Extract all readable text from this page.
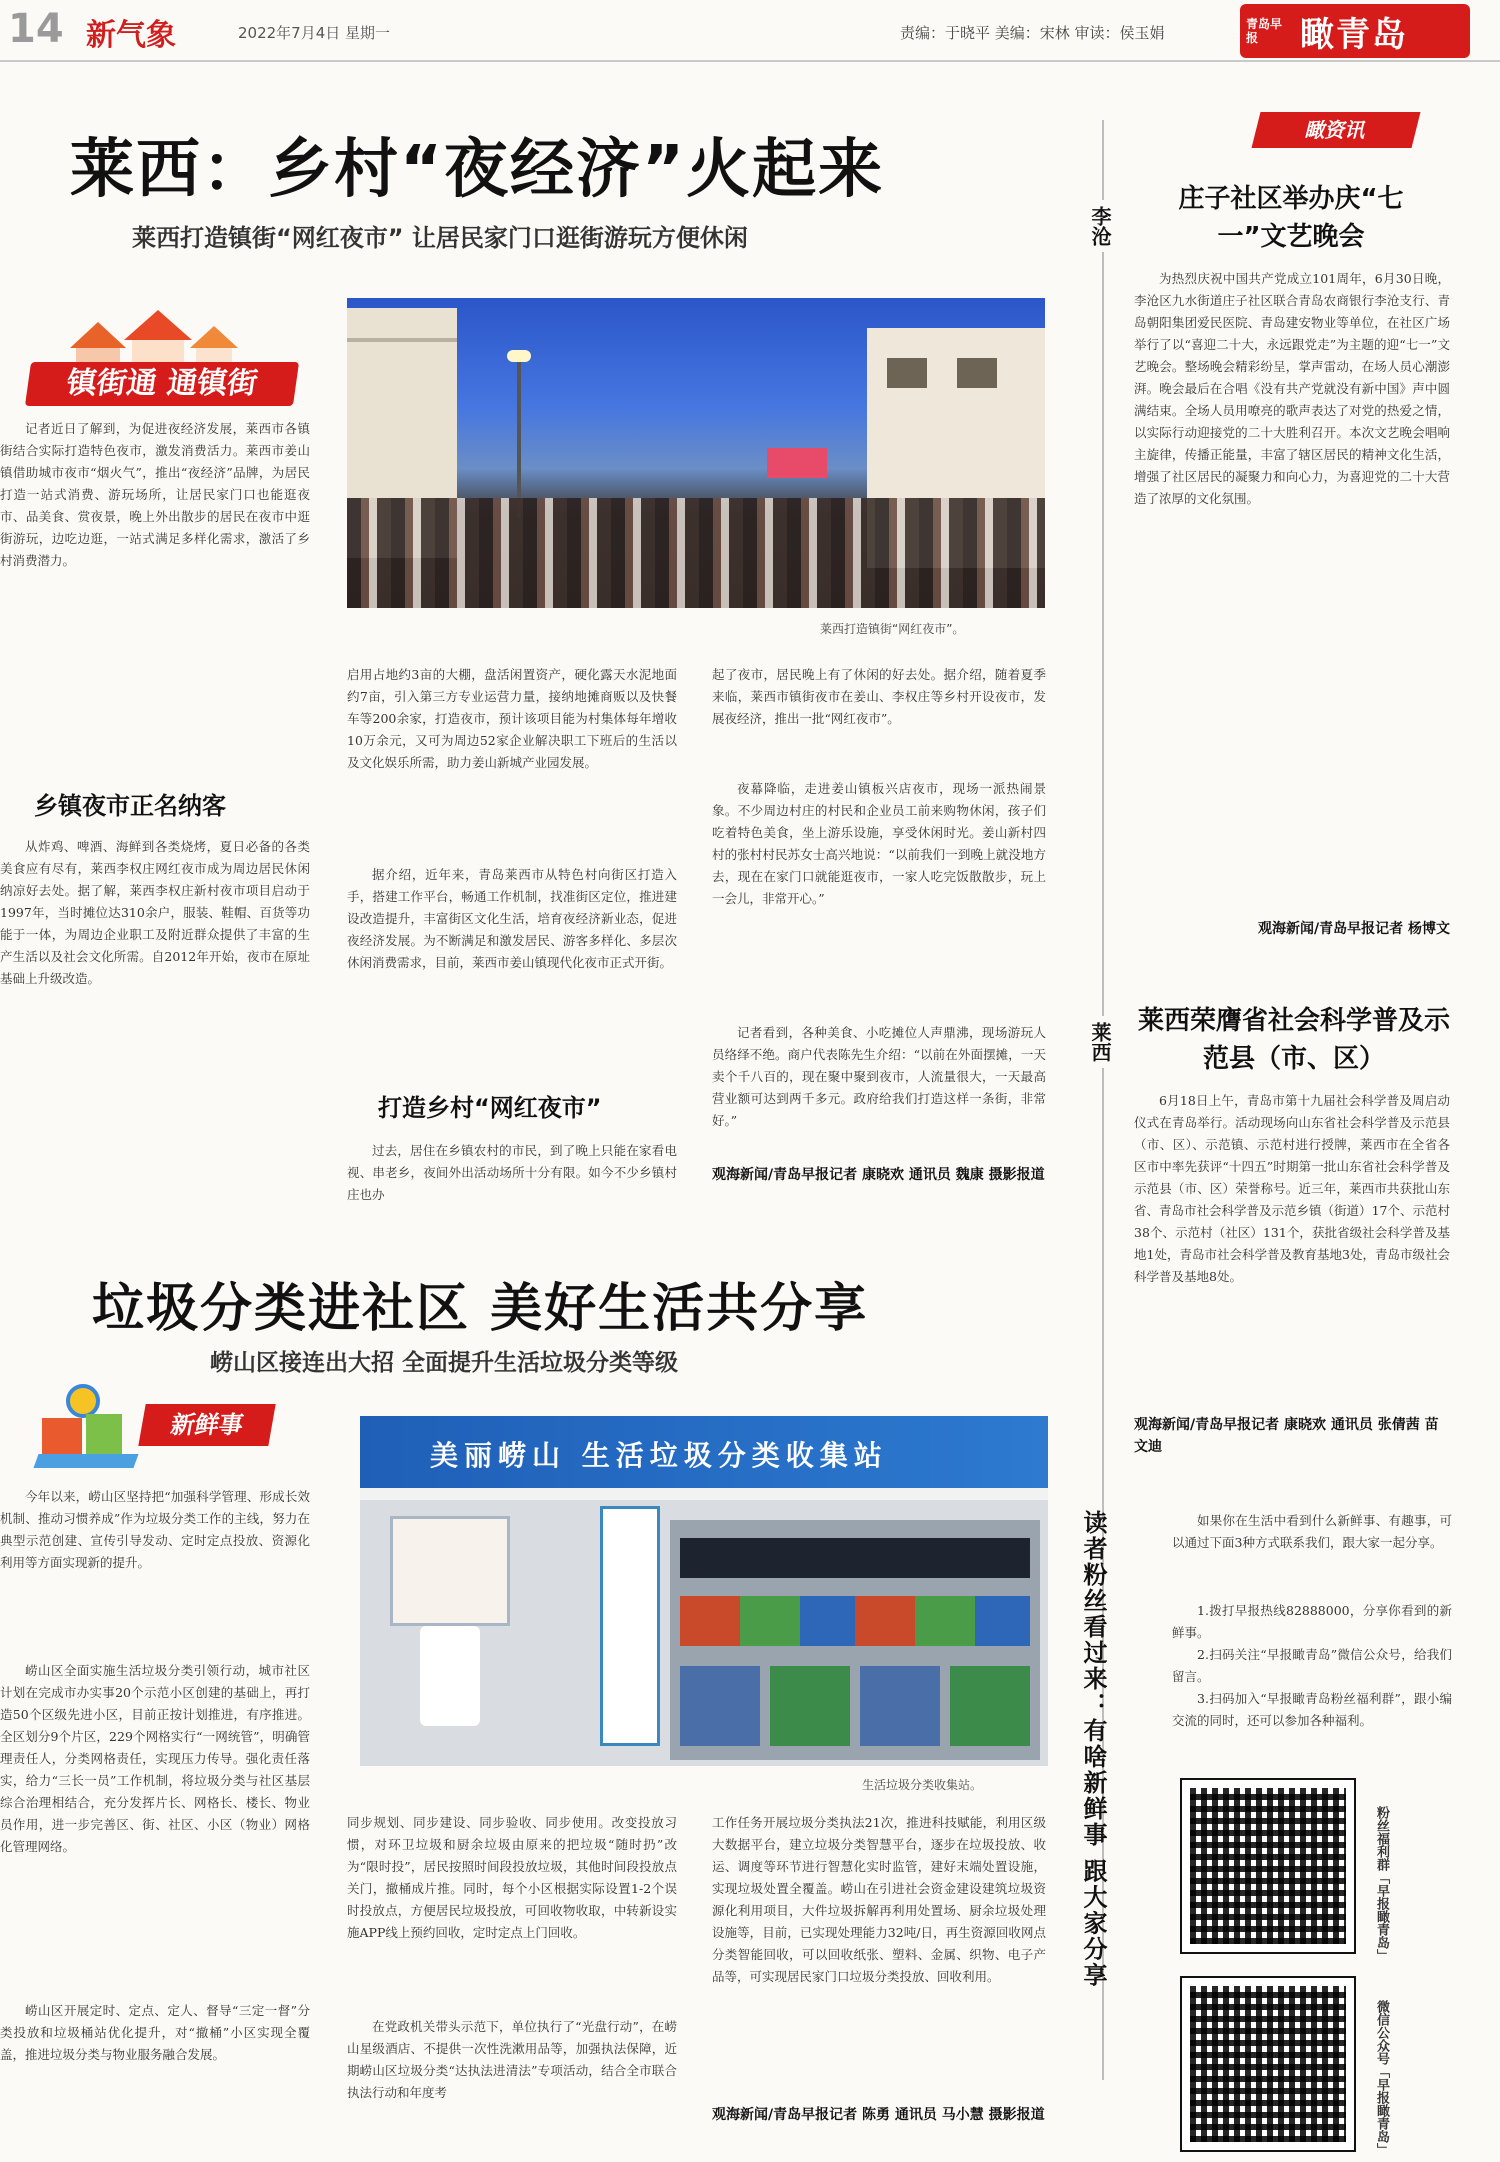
14 新气象	2022年7月4日 星期一	责编：于晓平 美编：宋林 审读：侯玉娟	青岛早报	瞰青岛
莱西：乡村“夜经济”火起来
莱西打造镇街“网红夜市” 让居民家门口逛街游玩方便休闲
镇街通 通镇街
莱西打造镇街“网红夜市”。
记者近日了解到，为促进夜经济发展，莱西市各镇街结合实际打造特色夜市，激发消费活力。莱西市姜山镇借助城市夜市“烟火气”，推出“夜经济”品牌，为居民打造一站式消费、游玩场所，让居民家门口也能逛夜市、品美食、赏夜景，晚上外出散步的居民在夜市中逛街游玩，边吃边逛，一站式满足多样化需求，激活了乡村消费潜力。
乡镇夜市正名纳客
从炸鸡、啤酒、海鲜到各类烧烤，夏日必备的各类美食应有尽有，莱西李权庄网红夜市成为周边居民休闲纳凉好去处。据了解，莱西李权庄新村夜市项目启动于1997年，当时摊位达310余户，服装、鞋帽、百货等功能于一体，为周边企业职工及附近群众提供了丰富的生产生活以及社会文化所需。自2012年开始，夜市在原址基础上升级改造。
启用占地约3亩的大棚，盘活闲置资产，硬化露天水泥地面约7亩，引入第三方专业运营力量，接纳地摊商贩以及快餐车等200余家，打造夜市，预计该项目能为村集体每年增收10万余元，又可为周边52家企业解决职工下班后的生活以及文化娱乐所需，助力姜山新城产业园发展。
据介绍，近年来，青岛莱西市从特色村向街区打造入手，搭建工作平台，畅通工作机制，找准街区定位，推进建设改造提升，丰富街区文化生活，培育夜经济新业态，促进夜经济发展。为不断满足和激发居民、游客多样化、多层次休闲消费需求，目前，莱西市姜山镇现代化夜市正式开街。
打造乡村“网红夜市”
过去，居住在乡镇农村的市民，到了晚上只能在家看电视、串老乡，夜间外出活动场所十分有限。如今不少乡镇村庄也办
起了夜市，居民晚上有了休闲的好去处。据介绍，随着夏季来临，莱西市镇街夜市在姜山、李权庄等乡村开设夜市，发展夜经济，推出一批“网红夜市”。
夜幕降临，走进姜山镇板兴店夜市，现场一派热闹景象。不少周边村庄的村民和企业员工前来购物休闲，孩子们吃着特色美食，坐上游乐设施，享受休闲时光。姜山新村四村的张村村民苏女士高兴地说：“以前我们一到晚上就没地方去，现在在家门口就能逛夜市，一家人吃完饭散散步，玩上一会儿，非常开心。”
记者看到，各种美食、小吃摊位人声鼎沸，现场游玩人员络绎不绝。商户代表陈先生介绍：“以前在外面摆摊，一天卖个千八百的，现在聚中聚到夜市，人流量很大，一天最高营业额可达到两千多元。政府给我们打造这样一条街，非常好。”
观海新闻/青岛早报记者 康晓欢 通讯员 魏康 摄影报道
瞰资讯
李沧
庄子社区举办庆“七一”文艺晚会
为热烈庆祝中国共产党成立101周年，6月30日晚，李沧区九水街道庄子社区联合青岛农商银行李沧支行、青岛朝阳集团爱民医院、青岛建安物业等单位，在社区广场举行了以“喜迎二十大，永远跟党走”为主题的迎“七一”文艺晚会。整场晚会精彩纷呈，掌声雷动，在场人员心潮澎湃。晚会最后在合唱《没有共产党就没有新中国》声中圆满结束。全场人员用嘹亮的歌声表达了对党的热爱之情，以实际行动迎接党的二十大胜利召开。本次文艺晚会唱响主旋律，传播正能量，丰富了辖区居民的精神文化生活，增强了社区居民的凝聚力和向心力，为喜迎党的二十大营造了浓厚的文化氛围。
观海新闻/青岛早报记者 杨博文
莱西
莱西荣膺省社会科学普及示范县（市、区）
6月18日上午，青岛市第十九届社会科学普及周启动仪式在青岛举行。活动现场向山东省社会科学普及示范县（市、区）、示范镇、示范村进行授牌，莱西市在全省各区市中率先获评“十四五”时期第一批山东省社会科学普及示范县（市、区）荣誉称号。近三年，莱西市共获批山东省、青岛市社会科学普及示范乡镇（街道）17个、示范村38个、示范村（社区）131个，获批省级社会科学普及基地1处，青岛市社会科学普及教育基地3处，青岛市级社会科学普及基地8处。
观海新闻/青岛早报记者 康晓欢 通讯员 张倩茜 苗文迪
读者粉丝看过来：有啥新鲜事 跟大家分享	如果你在生活中看到什么新鲜事、有趣事，可以通过下面3种方式联系我们，跟大家一起分享。
1.拨打早报热线82888000，分享你看到的新鲜事。
2.扫码关注“早报瞰青岛”微信公众号，给我们留言。
3.扫码加入“早报瞰青岛粉丝福利群”，跟小编交流的同时，还可以参加各种福利。
粉丝福利群「早报瞰青岛」
微信公众号「早报瞰青岛」
垃圾分类进社区 美好生活共分享
崂山区接连出大招 全面提升生活垃圾分类等级
新鲜事
美丽崂山 生活垃圾分类收集站
生活垃圾分类收集站。
今年以来，崂山区坚持把“加强科学管理、形成长效机制、推动习惯养成”作为垃圾分类工作的主线，努力在典型示范创建、宣传引导发动、定时定点投放、资源化利用等方面实现新的提升。
崂山区全面实施生活垃圾分类引领行动，城市社区计划在完成市办实事20个示范小区创建的基础上，再打造50个区级先进小区，目前正按计划推进，有序推进。全区划分9个片区，229个网格实行“一网统管”，明确管理责任人，分类网格责任，实现压力传导。强化责任落实，给力“三长一员”工作机制，将垃圾分类与社区基层综合治理相结合，充分发挥片长、网格长、楼长、物业员作用，进一步完善区、街、社区、小区（物业）网格化管理网络。
崂山区开展定时、定点、定人、督导“三定一督”分类投放和垃圾桶站优化提升，对“撤桶”小区实现全覆盖，推进垃圾分类与物业服务融合发展。
同步规划、同步建设、同步验收、同步使用。改变投放习惯，对环卫垃圾和厨余垃圾由原来的把垃圾“随时扔”改为“限时投”，居民按照时间段投放垃圾，其他时间段投放点关门，撤桶成片推。同时，每个小区根据实际设置1-2个误时投放点，方便居民垃圾投放，可回收物收取，中转新设实施APP线上预约回收，定时定点上门回收。
在党政机关带头示范下，单位执行了“光盘行动”，在崂山星级酒店、不提供一次性洗漱用品等，加强执法保障，近期崂山区垃圾分类“达执法进清法”专项活动，结合全市联合执法行动和年度考
工作任务开展垃圾分类执法21次，推进科技赋能，利用区级大数据平台，建立垃圾分类智慧平台，逐步在垃圾投放、收运、调度等环节进行智慧化实时监管，建好末端处置设施，实现垃圾处置全覆盖。崂山在引进社会资金建设建筑垃圾资源化利用项目，大件垃圾拆解再利用处置场、厨余垃圾处理设施等，目前，已实现处理能力32吨/日，再生资源回收网点分类智能回收，可以回收纸张、塑料、金属、织物、电子产品等，可实现居民家门口垃圾分类投放、回收利用。
观海新闻/青岛早报记者 陈勇 通讯员 马小慧 摄影报道
